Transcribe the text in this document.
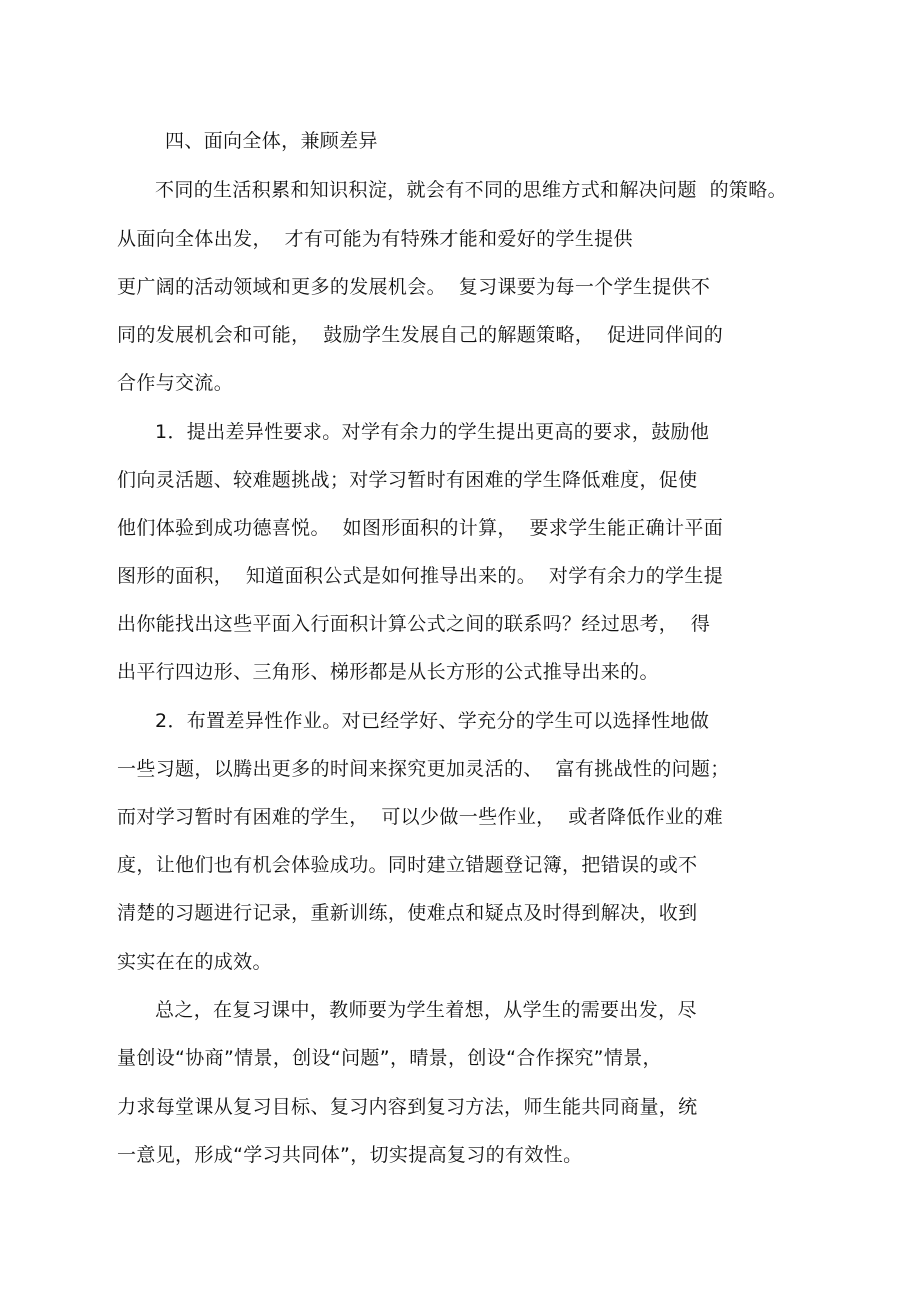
四、面向全体，兼顾差异
不同的生活积累和知识积淀，就会有不同的思维方式和解决问题  的策略。
从面向全体出发，  才有可能为有特殊才能和爱好的学生提供
更广阔的活动领域和更多的发展机会。  复习课要为每一个学生提供不
同的发展机会和可能，  鼓励学生发展自己的解题策略，  促进同伴间的
合作与交流。
1．提出差异性要求。对学有余力的学生提出更高的要求，鼓励他
们向灵活题、较难题挑战；对学习暂时有困难的学生降低难度，促使
他们体验到成功德喜悦。  如图形面积的计算，  要求学生能正确计平面
图形的面积，  知道面积公式是如何推导出来的。  对学有余力的学生提
出你能找出这些平面入行面积计算公式之间的联系吗？经过思考，  得
出平行四边形、三角形、梯形都是从长方形的公式推导出来的。
2．布置差异性作业。对已经学好、学充分的学生可以选择性地做
一些习题，以腾出更多的时间来探究更加灵活的、  富有挑战性的问题；
而对学习暂时有困难的学生，  可以少做一些作业，  或者降低作业的难
度，让他们也有机会体验成功。同时建立错题登记簿，把错误的或不
清楚的习题进行记录，重新训练，使难点和疑点及时得到解决，收到
实实在在的成效。
总之，在复习课中，教师要为学生着想，从学生的需要出发，尽
量创设“协商”情景，创设“问题”，晴景，创设“合作探究”情景，
力求每堂课从复习目标、复习内容到复习方法，师生能共同商量，统
一意见，形成“学习共同体”，切实提高复习的有效性。
